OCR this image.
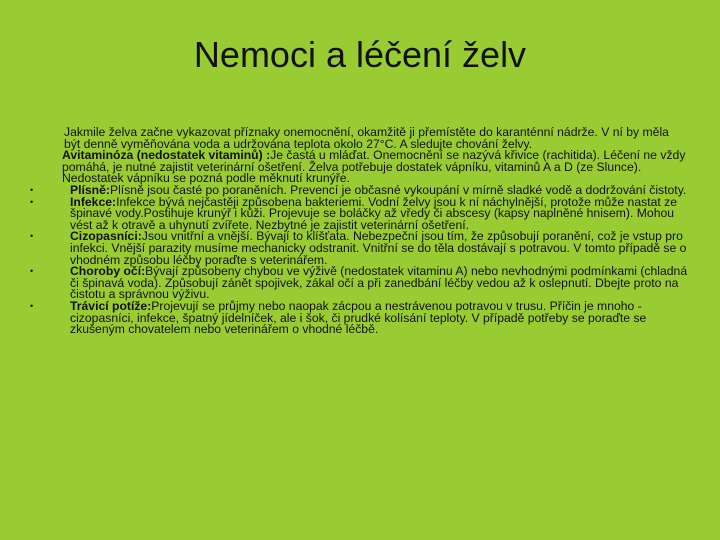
Nemoci a léčení želv

Jakmile želva začne vykazovat příznaky onemocnění, okamžitě ji přemístěte do karanténní nádrže. V ní by měla být denně vyměňována voda a udržována teplota okolo 27°C. A sledujte chování želvy.

Avitaminóza (nedostatek vitaminů) :Je častá u mláďat. Onemocnění se nazývá křivice (rachitida). Léčení ne vždy pomáhá, je nutné zajistit veterinární ošetření. Želva potřebuje dostatek vápníku, vitaminů A a D (ze Slunce). Nedostatek vápníku se pozná podle měknutí krunýře.

•	Plísně:Plísně jsou časté po poraněních. Prevencí je občasné vykoupání v mírně sladké vodě a dodržování čistoty.

•	Infekce:Infekce bývá nejčastěji způsobena bakteriemi. Vodní želvy jsou k ní náchylnější, protože může nastat ze špinavé vody.Postihuje krunýř i kůži. Projevuje se boláčky až vředy či abscesy (kapsy naplněné hnisem). Mohou vést až k otravě a uhynutí zvířete. Nezbytné je zajistit veterinární ošetření.

•	Cizopasníci:Jsou vnitřní a vnější. Bývají to klíšťata. Nebezpeční jsou tím, že způsobují poranění, což je vstup pro infekci. Vnější parazity musíme mechanicky odstranit. Vnitřní se do těla dostávají s potravou. V tomto případě se o vhodném způsobu léčby poraďte s veterinářem.

•	Choroby očí:Bývají způsobeny chybou ve výživě (nedostatek vitaminu A) nebo nevhodnými podmínkami (chladná či špinavá voda). Způsobují zánět spojivek, zákal očí a při zanedbání léčby vedou až k oslepnutí. Dbejte proto na čistotu a správnou výživu.

•	Trávicí potíže:Projevují se průjmy nebo naopak zácpou a nestrávenou potravou v trusu. Příčin je mnoho - cizopasníci, infekce, špatný jídelníček, ale i šok, či prudké kolísání teploty. V případě potřeby se poraďte se zkušeným chovatelem nebo veterinářem o vhodné léčbě.
